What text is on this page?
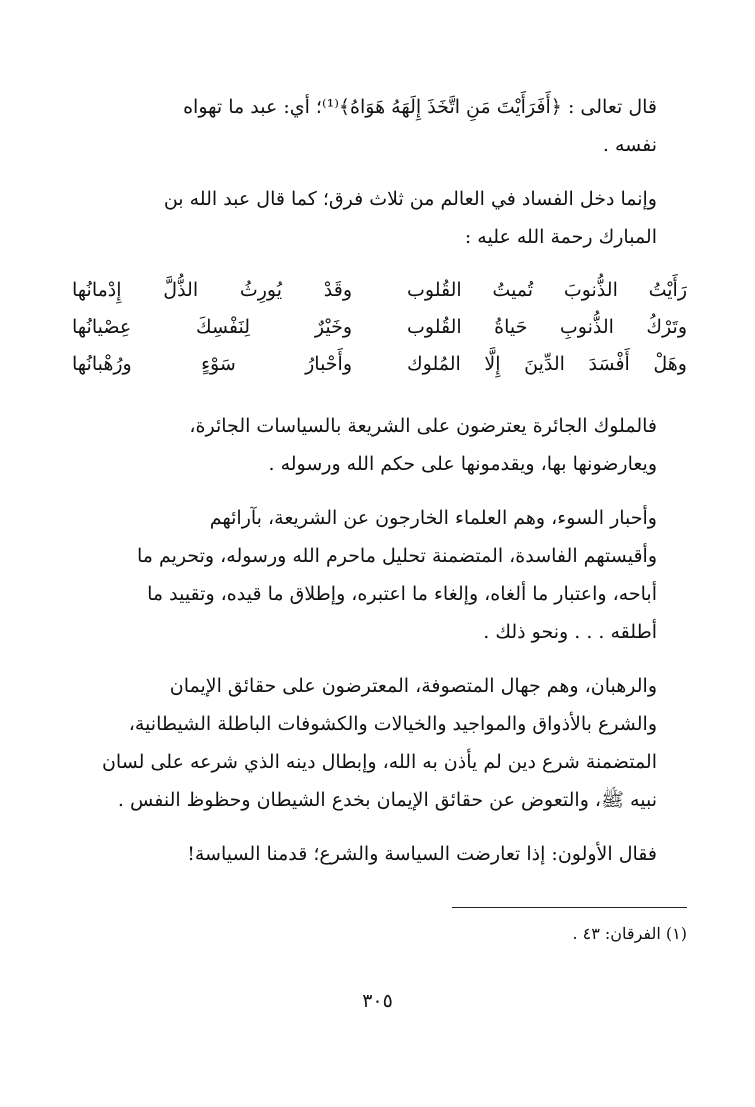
قال تعالى : ﴿أَفَرَأَيْتَ مَنِ اتَّخَذَ إِلَهَهُ هَوَاهُ﴾⁽¹⁾؛ أي: عبد ما تهواه
نفسه .

وإنما دخل الفساد في العالم من ثلاث فرق؛ كما قال عبد الله بن
المبارك رحمة الله عليه :

رَأَيْتُ الذُّنوبَ تُميتُ القُلوب
وقَدْ يُورِثُ الذُّلَّ إِدْمانُها
وتَرْكُ الذُّنوبِ حَياةُ القُلوب
وخَيْرٌ لِنَفْسِكَ عِصْيانُها
وهَلْ أَفْسَدَ الدِّينَ إِلَّا المُلوك
وأَحْبارُ سَوْءٍ ورُهْبانُها

فالملوك الجائرة يعترضون على الشريعة بالسياسات الجائرة،
ويعارضونها بها، ويقدمونها على حكم الله ورسوله .

وأحبار السوء، وهم العلماء الخارجون عن الشريعة، بآرائهم
وأقيستهم الفاسدة، المتضمنة تحليل ماحرم الله ورسوله، وتحريم ما
أباحه، واعتبار ما ألغاه، وإلغاء ما اعتبره، وإطلاق ما قيده، وتقييد ما
أطلقه . . . ونحو ذلك .

والرهبان، وهم جهال المتصوفة، المعترضون على حقائق الإيمان
والشرع بالأذواق والمواجيد والخيالات والكشوفات الباطلة الشيطانية،
المتضمنة شرع دين لم يأذن به الله، وإبطال دينه الذي شرعه على لسان
نبيه ﷺ، والتعوض عن حقائق الإيمان بخدع الشيطان وحظوظ النفس .

فقال الأولون: إذا تعارضت السياسة والشرع؛ قدمنا السياسة!

(١) الفرقان: ٤٣ .
٣٠٥
